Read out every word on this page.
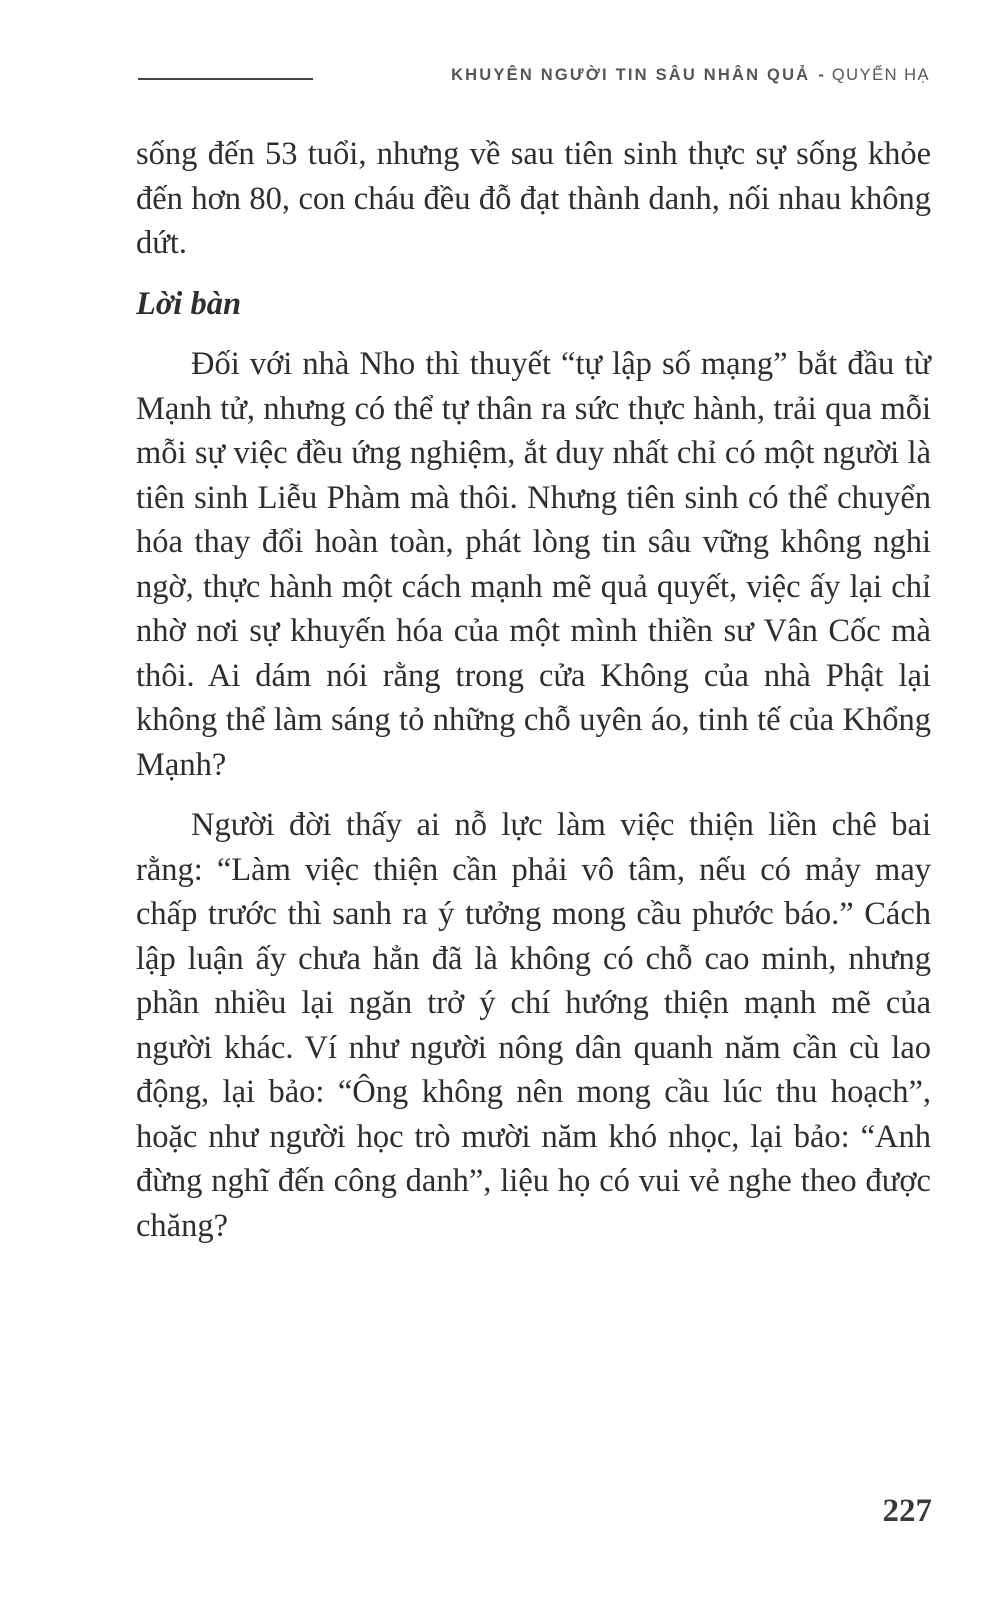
KHUYÊN NGƯỜI TIN SÂU NHÂN QUẢ - QUYỂN HẠ

sống đến 53 tuổi, nhưng về sau tiên sinh thực sự sống khỏe đến hơn 80, con cháu đều đỗ đạt thành danh, nối nhau không dứt.

Lời bàn

Đối với nhà Nho thì thuyết “tự lập số mạng” bắt đầu từ Mạnh tử, nhưng có thể tự thân ra sức thực hành, trải qua mỗi mỗi sự việc đều ứng nghiệm, ắt duy nhất chỉ có một người là tiên sinh Liễu Phàm mà thôi. Nhưng tiên sinh có thể chuyển hóa thay đổi hoàn toàn, phát lòng tin sâu vững không nghi ngờ, thực hành một cách mạnh mẽ quả quyết, việc ấy lại chỉ nhờ nơi sự khuyến hóa của một mình thiền sư Vân Cốc mà thôi. Ai dám nói rằng trong cửa Không của nhà Phật lại không thể làm sáng tỏ những chỗ uyên áo, tinh tế của Khổng Mạnh?

Người đời thấy ai nỗ lực làm việc thiện liền chê bai rằng: “Làm việc thiện cần phải vô tâm, nếu có mảy may chấp trước thì sanh ra ý tưởng mong cầu phước báo.” Cách lập luận ấy chưa hẳn đã là không có chỗ cao minh, nhưng phần nhiều lại ngăn trở ý chí hướng thiện mạnh mẽ của người khác. Ví như người nông dân quanh năm cần cù lao động, lại bảo: “Ông không nên mong cầu lúc thu hoạch”, hoặc như người học trò mười năm khó nhọc, lại bảo: “Anh đừng nghĩ đến công danh”, liệu họ có vui vẻ nghe theo được chăng?

227
